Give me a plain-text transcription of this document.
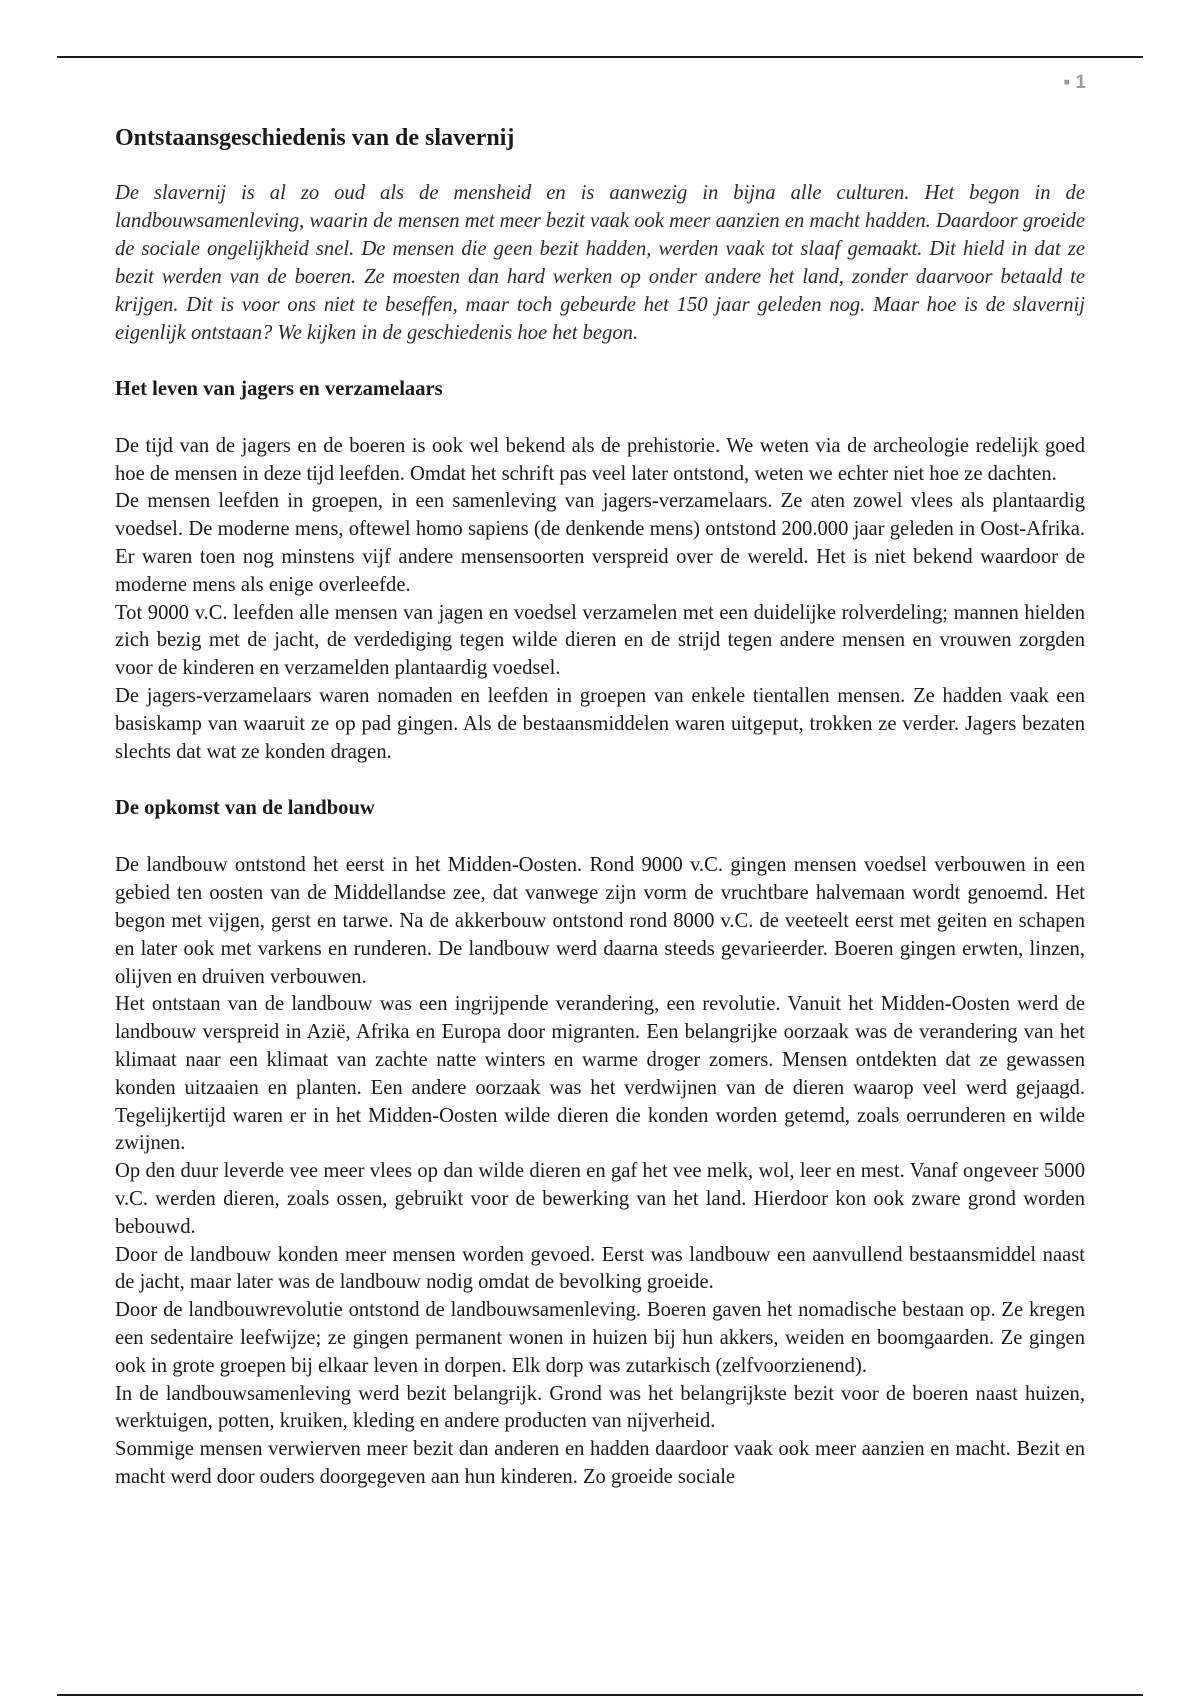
▪ 1
Ontstaansgeschiedenis van de slavernij

De slavernij is al zo oud als de mensheid en is aanwezig in bijna alle culturen. Het begon in de landbouwsamenleving, waarin de mensen met meer bezit vaak ook meer aanzien en macht hadden. Daardoor groeide de sociale ongelijkheid snel. De mensen die geen bezit hadden, werden vaak tot slaaf gemaakt. Dit hield in dat ze bezit werden van de boeren. Ze moesten dan hard werken op onder andere het land, zonder daarvoor betaald te krijgen. Dit is voor ons niet te beseffen, maar toch gebeurde het 150 jaar geleden nog. Maar hoe is de slavernij eigenlijk ontstaan? We kijken in de geschiedenis hoe het begon.

Het leven van jagers en verzamelaars

De tijd van de jagers en de boeren is ook wel bekend als de prehistorie. We weten via de archeologie redelijk goed hoe de mensen in deze tijd leefden. Omdat het schrift pas veel later ontstond, weten we echter niet hoe ze dachten.

De mensen leefden in groepen, in een samenleving van jagers-verzamelaars. Ze aten zowel vlees als plantaardig voedsel. De moderne mens, oftewel homo sapiens (de denkende mens) ontstond 200.000 jaar geleden in Oost-Afrika. Er waren toen nog minstens vijf andere mensensoorten verspreid over de wereld. Het is niet bekend waardoor de moderne mens als enige overleefde.

Tot 9000 v.C. leefden alle mensen van jagen en voedsel verzamelen met een duidelijke rolverdeling; mannen hielden zich bezig met de jacht, de verdediging tegen wilde dieren en de strijd tegen andere mensen en vrouwen zorgden voor de kinderen en verzamelden plantaardig voedsel.

De jagers-verzamelaars waren nomaden en leefden in groepen van enkele tientallen mensen. Ze hadden vaak een basiskamp van waaruit ze op pad gingen. Als de bestaansmiddelen waren uitgeput, trokken ze verder. Jagers bezaten slechts dat wat ze konden dragen.

De opkomst van de landbouw

De landbouw ontstond het eerst in het Midden-Oosten. Rond 9000 v.C. gingen mensen voedsel verbouwen in een gebied ten oosten van de Middellandse zee, dat vanwege zijn vorm de vruchtbare halvemaan wordt genoemd. Het begon met vijgen, gerst en tarwe. Na de akkerbouw ontstond rond 8000 v.C. de veeteelt eerst met geiten en schapen en later ook met varkens en runderen. De landbouw werd daarna steeds gevarieerder. Boeren gingen erwten, linzen, olijven en druiven verbouwen.

Het ontstaan van de landbouw was een ingrijpende verandering, een revolutie. Vanuit het Midden-Oosten werd de landbouw verspreid in Azië, Afrika en Europa door migranten. Een belangrijke oorzaak was de verandering van het klimaat naar een klimaat van zachte natte winters en warme droger zomers. Mensen ontdekten dat ze gewassen konden uitzaaien en planten. Een andere oorzaak was het verdwijnen van de dieren waarop veel werd gejaagd. Tegelijkertijd waren er in het Midden-Oosten wilde dieren die konden worden getemd, zoals oerrunderen en wilde zwijnen.

Op den duur leverde vee meer vlees op dan wilde dieren en gaf het vee melk, wol, leer en mest. Vanaf ongeveer 5000 v.C. werden dieren, zoals ossen, gebruikt voor de bewerking van het land. Hierdoor kon ook zware grond worden bebouwd.

Door de landbouw konden meer mensen worden gevoed. Eerst was landbouw een aanvullend bestaansmiddel naast de jacht, maar later was de landbouw nodig omdat de bevolking groeide.

Door de landbouwrevolutie ontstond de landbouwsamenleving. Boeren gaven het nomadische bestaan op. Ze kregen een sedentaire leefwijze; ze gingen permanent wonen in huizen bij hun akkers, weiden en boomgaarden. Ze gingen ook in grote groepen bij elkaar leven in dorpen. Elk dorp was zutarkisch (zelfvoorzienend).

In de landbouwsamenleving werd bezit belangrijk. Grond was het belangrijkste bezit voor de boeren naast huizen, werktuigen, potten, kruiken, kleding en andere producten van nijverheid.

Sommige mensen verwierven meer bezit dan anderen en hadden daardoor vaak ook meer aanzien en macht. Bezit en macht werd door ouders doorgegeven aan hun kinderen. Zo groeide sociale
